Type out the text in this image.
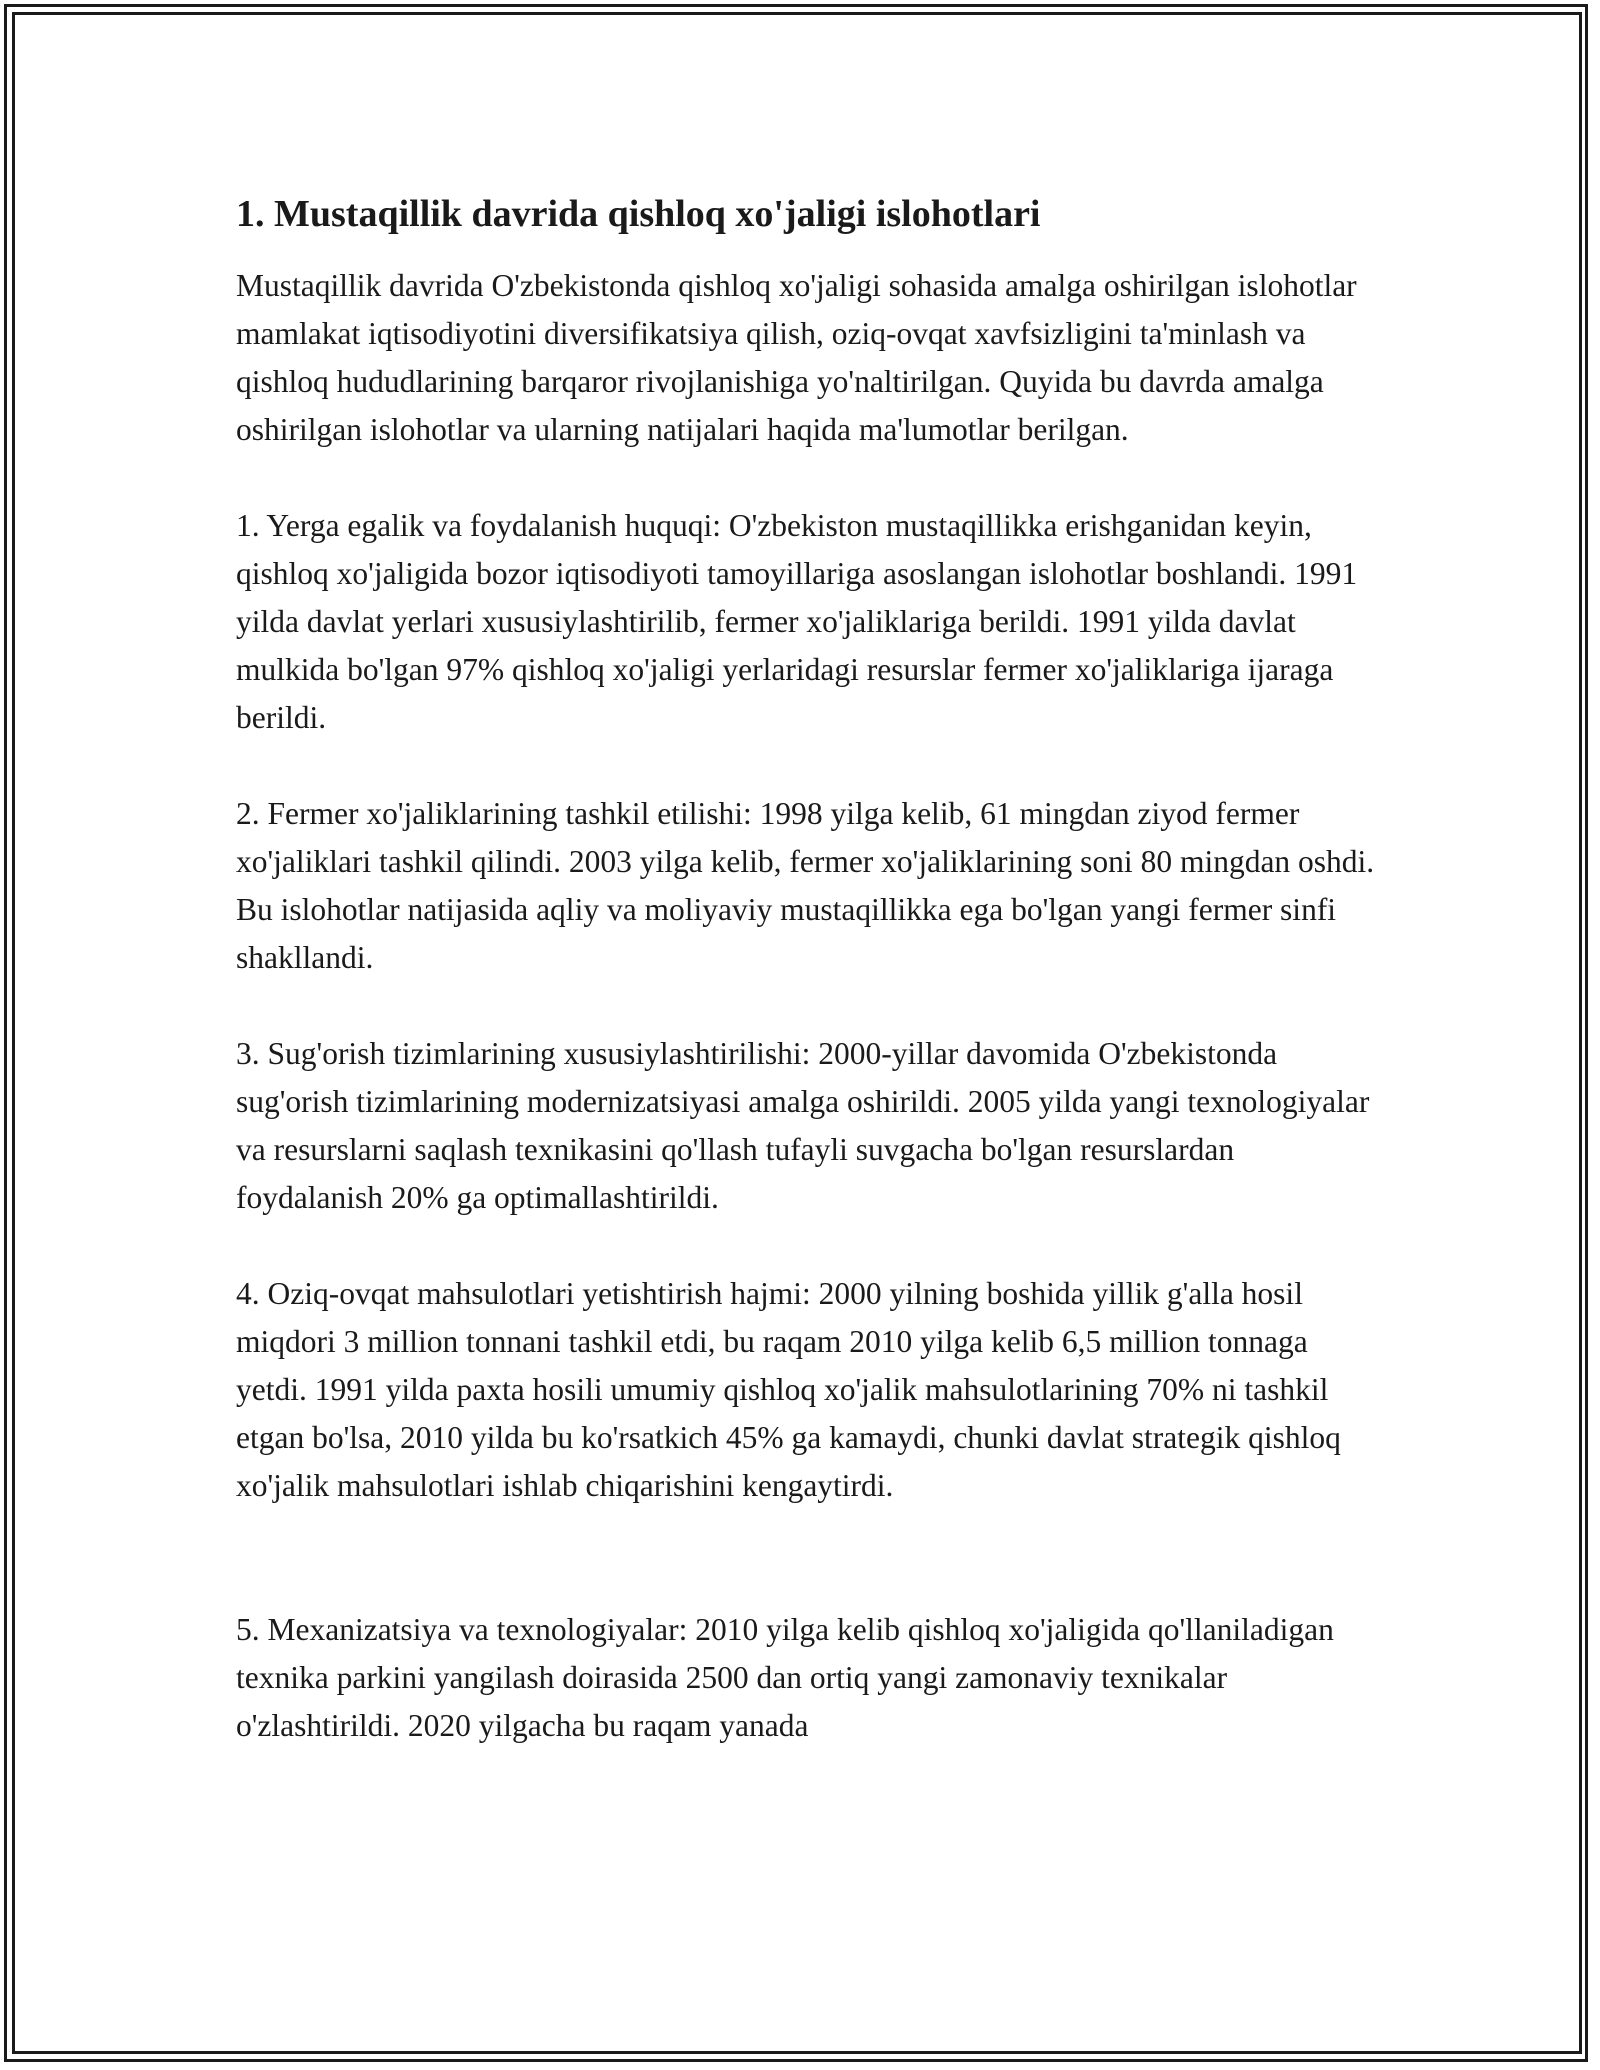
1. Mustaqillik davrida qishloq xo'jaligi islohotlari

Mustaqillik davrida O'zbekistonda qishloq xo'jaligi sohasida amalga oshirilgan islohotlar mamlakat iqtisodiyotini diversifikatsiya qilish, oziq-ovqat xavfsizligini ta'minlash va qishloq hududlarining barqaror rivojlanishiga yo'naltirilgan. Quyida bu davrda amalga oshirilgan islohotlar va ularning natijalari haqida ma'lumotlar berilgan.

1. Yerga egalik va foydalanish huquqi: O'zbekiston mustaqillikka erishganidan keyin, qishloq xo'jaligida bozor iqtisodiyoti tamoyillariga asoslangan islohotlar boshlandi. 1991 yilda davlat yerlari xususiylashtirilib, fermer xo'jaliklariga berildi. 1991 yilda davlat mulkida bo'lgan 97% qishloq xo'jaligi yerlaridagi resurslar fermer xo'jaliklariga ijaraga berildi.

2. Fermer xo'jaliklarining tashkil etilishi: 1998 yilga kelib, 61 mingdan ziyod fermer xo'jaliklari tashkil qilindi. 2003 yilga kelib, fermer xo'jaliklarining soni 80 mingdan oshdi. Bu islohotlar natijasida aqliy va moliyaviy mustaqillikka ega bo'lgan yangi fermer sinfi shakllandi.

3. Sug'orish tizimlarining xususiylashtirilishi: 2000-yillar davomida O'zbekistonda sug'orish tizimlarining modernizatsiyasi amalga oshirildi. 2005 yilda yangi texnologiyalar va resurslarni saqlash texnikasini qo'llash tufayli suvgacha bo'lgan resurslardan foydalanish 20% ga optimallashtirildi.

4. Oziq-ovqat mahsulotlari yetishtirish hajmi: 2000 yilning boshida yillik g'alla hosil miqdori 3 million tonnani tashkil etdi, bu raqam 2010 yilga kelib 6,5 million tonnaga yetdi. 1991 yilda paxta hosili umumiy qishloq xo'jalik mahsulotlarining 70% ni tashkil etgan bo'lsa, 2010 yilda bu ko'rsatkich 45% ga kamaydi, chunki davlat strategik qishloq xo'jalik mahsulotlari ishlab chiqarishini kengaytirdi.

5. Mexanizatsiya va texnologiyalar: 2010 yilga kelib qishloq xo'jaligida qo'llaniladigan texnika parkini yangilash doirasida 2500 dan ortiq yangi zamonaviy texnikalar o'zlashtirildi. 2020 yilgacha bu raqam yanada
